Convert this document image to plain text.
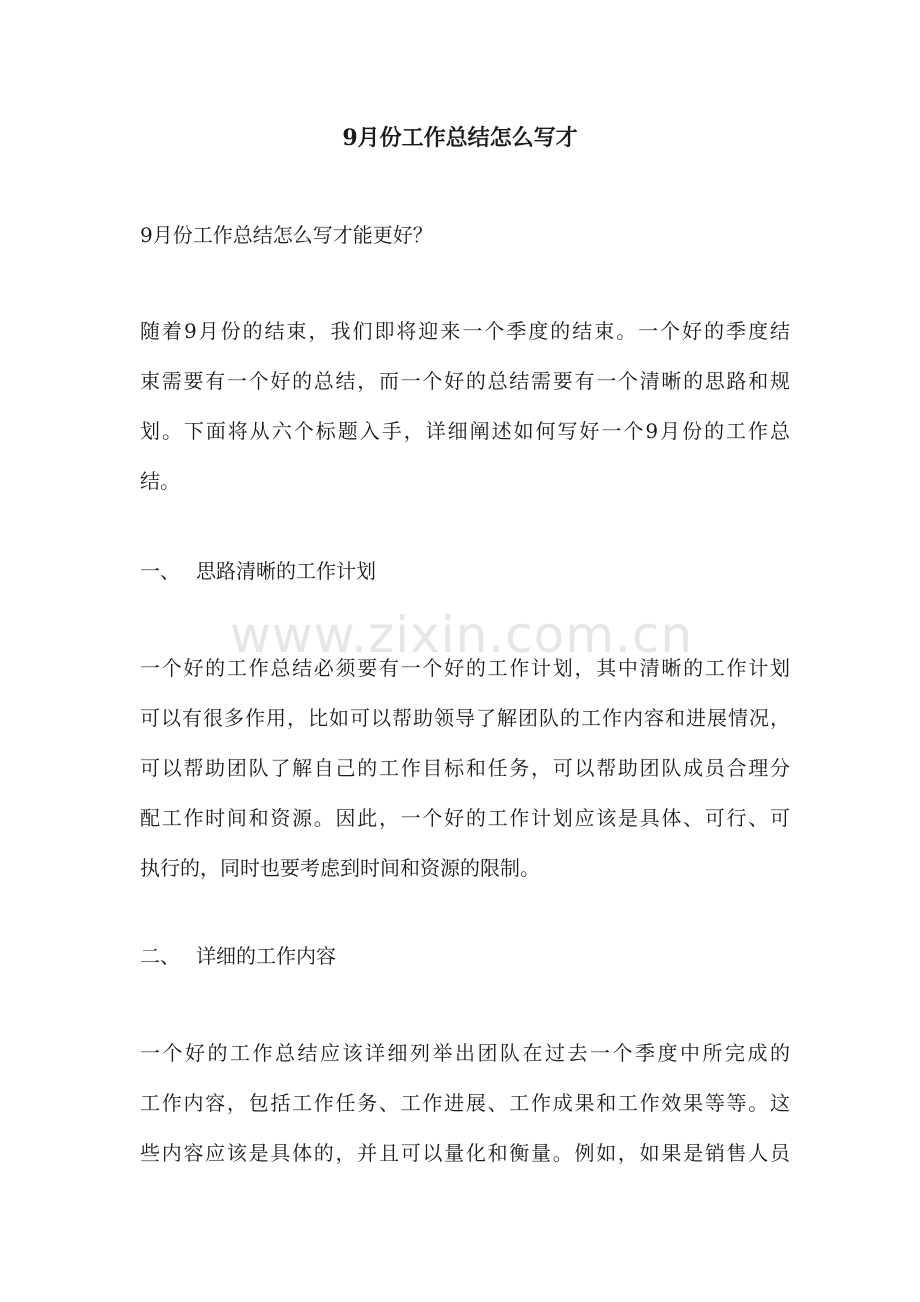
9月份工作总结怎么写才

9月份工作总结怎么写才能更好？

随着9月份的结束，我们即将迎来一个季度的结束。一个好的季度结
束需要有一个好的总结，而一个好的总结需要有一个清晰的思路和规
划。下面将从六个标题入手，详细阐述如何写好一个9月份的工作总
结。

一、 思路清晰的工作计划

一个好的工作总结必须要有一个好的工作计划，其中清晰的工作计划
可以有很多作用，比如可以帮助领导了解团队的工作内容和进展情况，
可以帮助团队了解自己的工作目标和任务，可以帮助团队成员合理分
配工作时间和资源。因此，一个好的工作计划应该是具体、可行、可
执行的，同时也要考虑到时间和资源的限制。

二、 详细的工作内容

一个好的工作总结应该详细列举出团队在过去一个季度中所完成的
工作内容，包括工作任务、工作进展、工作成果和工作效果等等。这
些内容应该是具体的，并且可以量化和衡量。例如，如果是销售人员
www.zixin.com.cn
